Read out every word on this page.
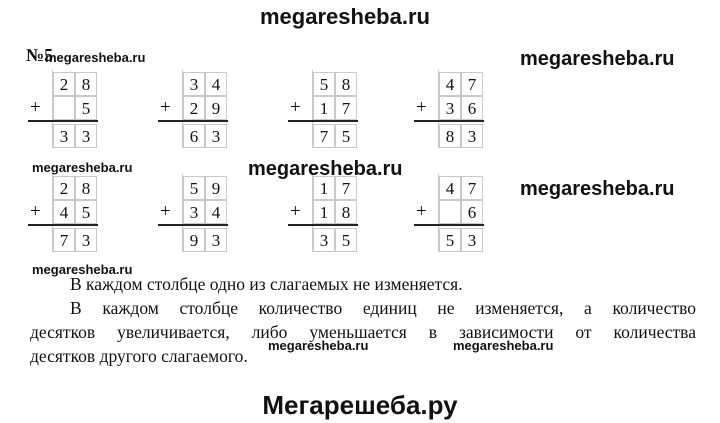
megaresheba.ru
№5
megaresheba.ru	megaresheba.ru
+
2 8
5
3 3
+
3 4
2 9
6 3
+
5 8
1 7
7 5
+
4 7
3 6
8 3
+
2 8
4 5
7 3
+
5 9
3 4
9 3
+
1 7
1 8
3 5
+
4 7
6
5 3
megaresheba.ru
megaresheba.ru
megaresheba.ru
megaresheba.ru
В каждом столбце одно из слагаемых не изменяется.
В каждом столбце количество единиц не изменяется, а количество
десятков увеличивается, либо уменьшается в зависимости от количества
десятков другого слагаемого.
megaresheba.ru	megaresheba.ru
Мегарешеба.ру
